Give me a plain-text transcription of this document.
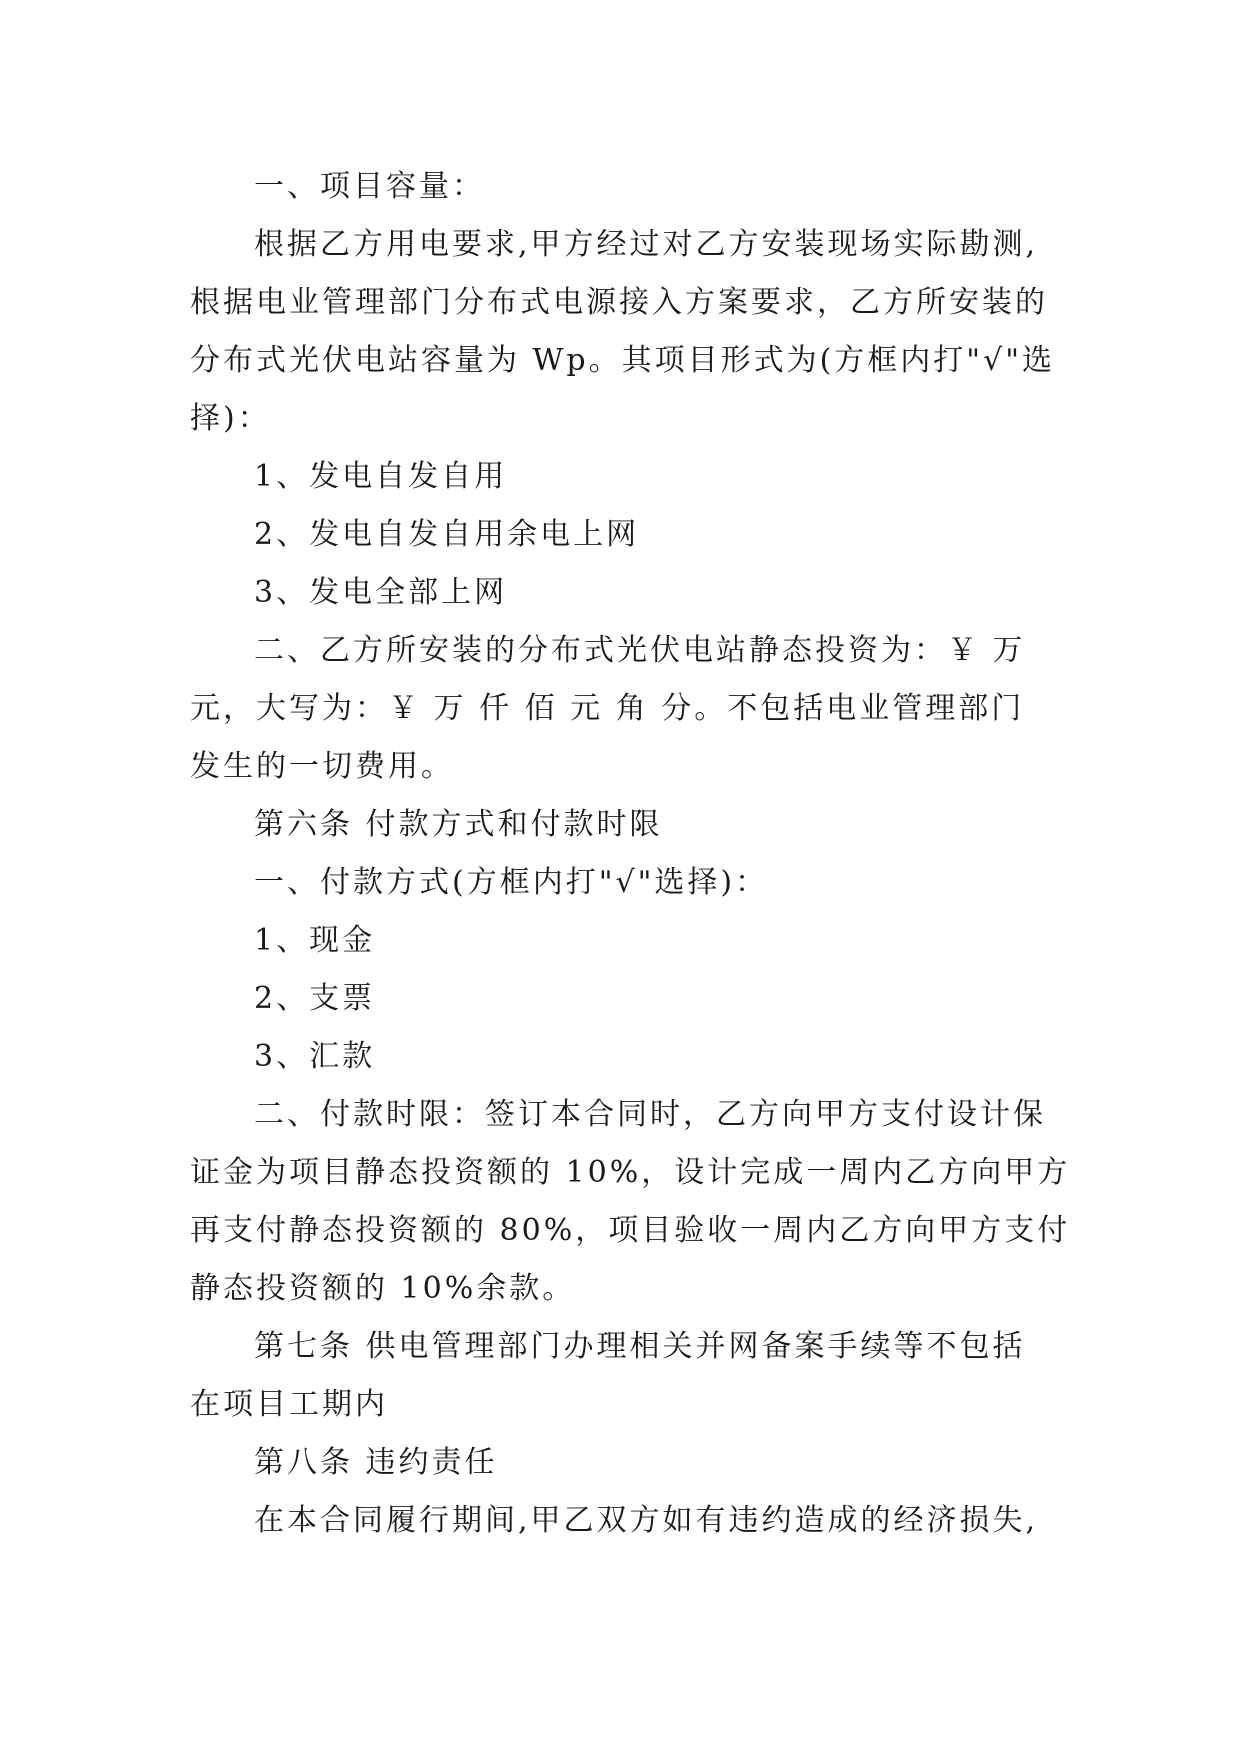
一、项目容量：
根据乙方用电要求,甲方经过对乙方安装现场实际勘测,
根据电业管理部门分布式电源接入方案要求，乙方所安装的
分布式光伏电站容量为 Wp。其项目形式为(方框内打"√"选
择)：
1、发电自发自用
2、发电自发自用余电上网
3、发电全部上网
二、乙方所安装的分布式光伏电站静态投资为：￥ 万
元，大写为：￥ 万 仟 佰 元 角 分。不包括电业管理部门
发生的一切费用。
第六条 付款方式和付款时限
一、付款方式(方框内打"√"选择)：
1、现金
2、支票
3、汇款
二、付款时限：签订本合同时，乙方向甲方支付设计保
证金为项目静态投资额的 10%，设计完成一周内乙方向甲方
再支付静态投资额的 80%，项目验收一周内乙方向甲方支付
静态投资额的 10%余款。
第七条 供电管理部门办理相关并网备案手续等不包括
在项目工期内
第八条 违约责任
在本合同履行期间,甲乙双方如有违约造成的经济损失,
